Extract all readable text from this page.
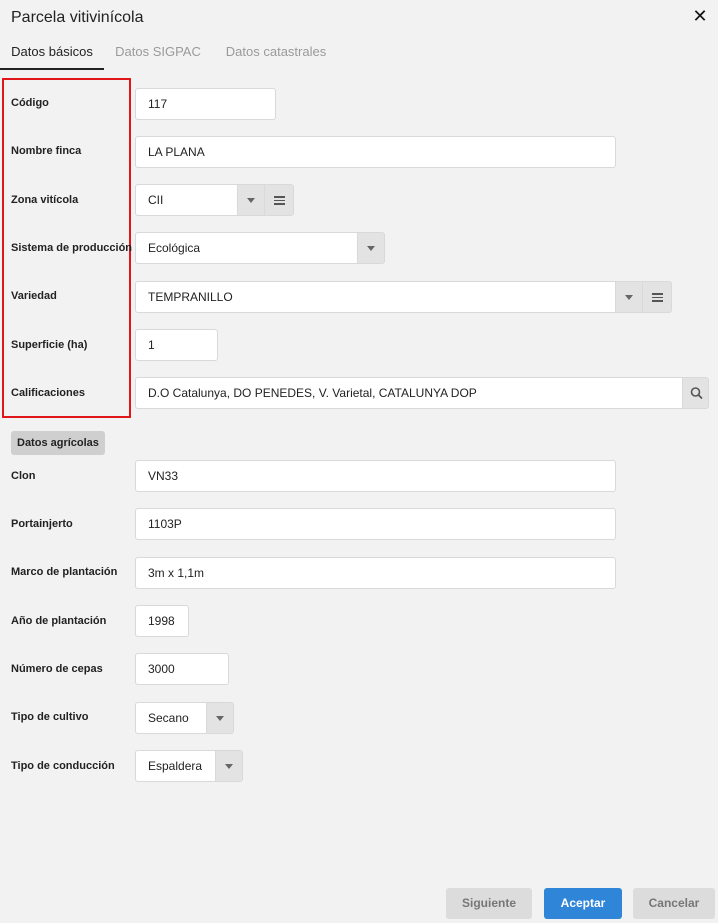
Parcela vitivinícola	✕
Datos básicos	Datos SIGPAC	Datos catastrales
Código	117
Nombre finca	LA PLANA
Zona vitícola	CII
Sistema de producción	Ecológica
Variedad	TEMPRANILLO
Superficie (ha)	1
Calificaciones	D.O Catalunya, DO PENEDES, V. Varietal, CATALUNYA DOP
Datos agrícolas
Clon	VN33
Portainjerto	1103P
Marco de plantación	3m x 1,1m
Año de plantación	1998
Número de cepas	3000
Tipo de cultivo	Secano
Tipo de conducción	Espaldera
Siguiente	Aceptar	Cancelar
